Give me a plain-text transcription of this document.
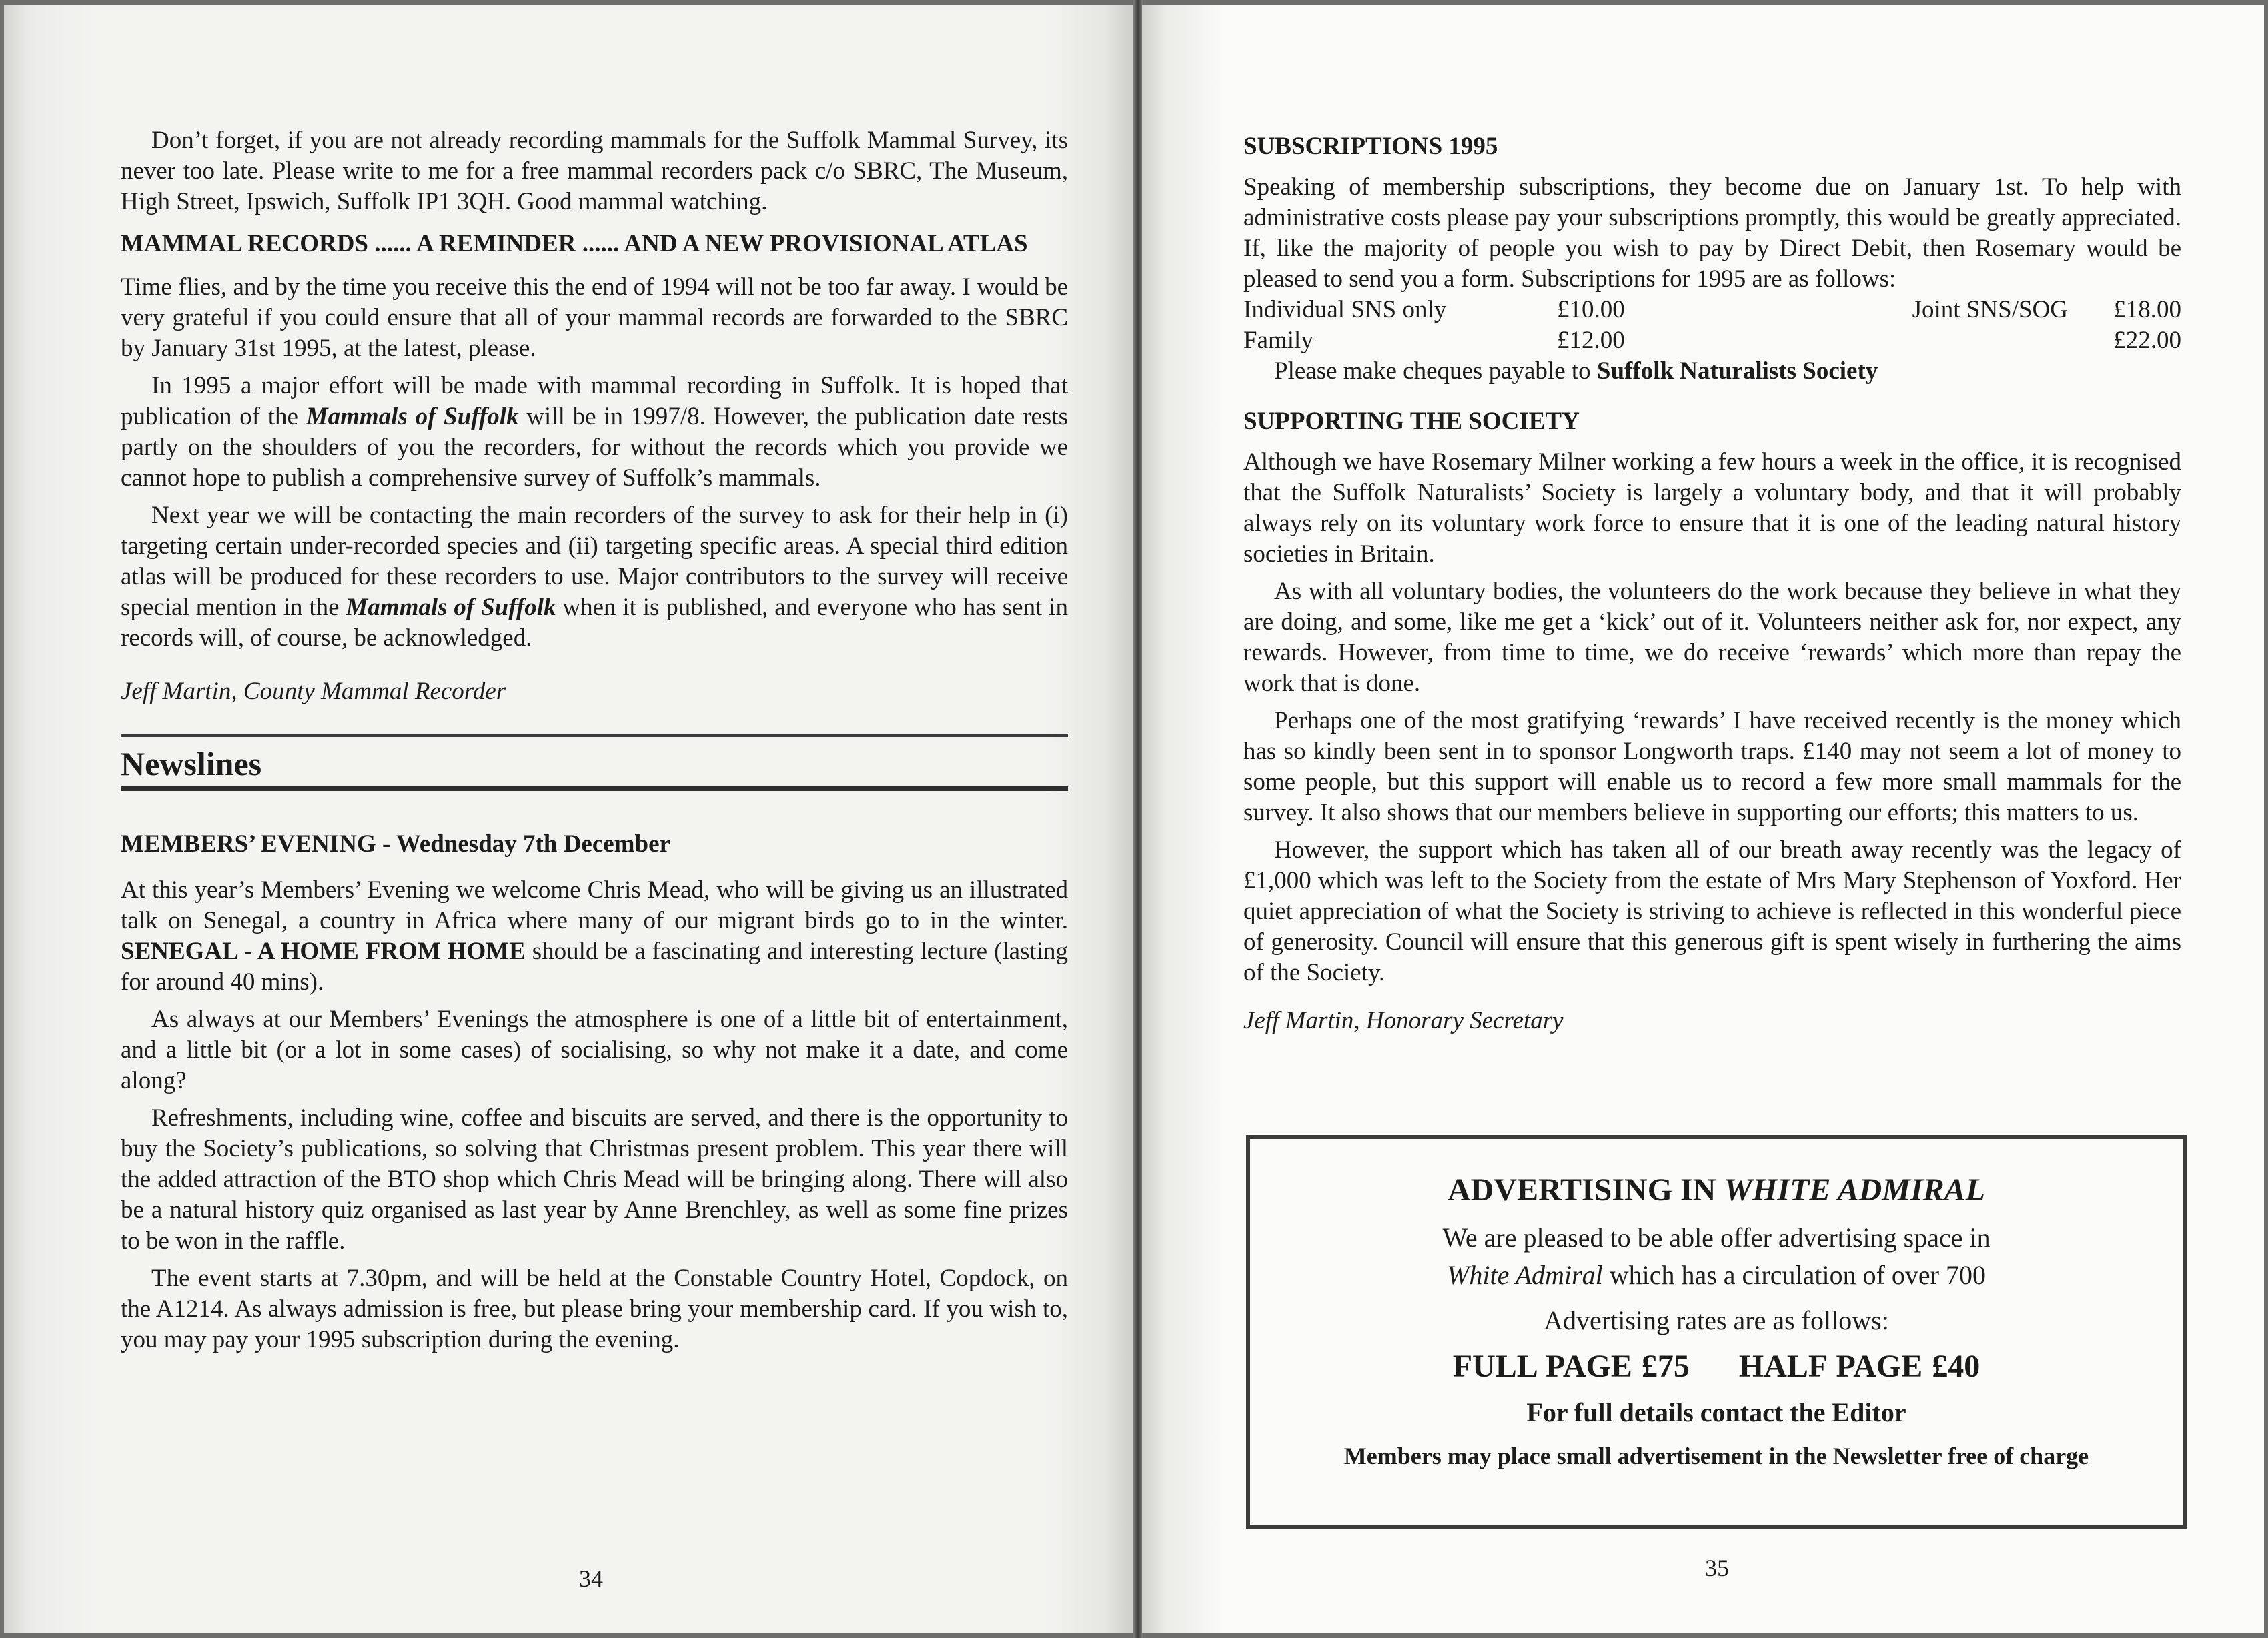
Don’t forget, if you are not already recording mammals for the Suffolk Mammal Survey, its never too late. Please write to me for a free mammal recorders pack c/o SBRC, The Museum, High Street, Ipswich, Suffolk IP1 3QH. Good mammal watching.

MAMMAL RECORDS ...... A REMINDER ...... AND A NEW PROVISIONAL ATLAS

Time flies, and by the time you receive this the end of 1994 will not be too far away. I would be very grateful if you could ensure that all of your mammal records are forwarded to the SBRC by January 31st 1995, at the latest, please.

In 1995 a major effort will be made with mammal recording in Suffolk. It is hoped that publication of the Mammals of Suffolk will be in 1997/8. However, the publication date rests partly on the shoulders of you the recorders, for without the records which you provide we cannot hope to publish a comprehensive survey of Suffolk’s mammals.

Next year we will be contacting the main recorders of the survey to ask for their help in (i) targeting certain under-recorded species and (ii) targeting specific areas. A special third edition atlas will be produced for these recorders to use. Major contributors to the survey will receive special mention in the Mammals of Suffolk when it is published, and everyone who has sent in records will, of course, be acknowledged.

Jeff Martin, County Mammal Recorder

Newslines
MEMBERS’ EVENING - Wednesday 7th December

At this year’s Members’ Evening we welcome Chris Mead, who will be giving us an illustrated talk on Senegal, a country in Africa where many of our migrant birds go to in the winter. SENEGAL - A HOME FROM HOME should be a fascinating and interesting lecture (lasting for around 40 mins).

As always at our Members’ Evenings the atmosphere is one of a little bit of entertainment, and a little bit (or a lot in some cases) of socialising, so why not make it a date, and come along?

Refreshments, including wine, coffee and biscuits are served, and there is the opportunity to buy the Society’s publications, so solving that Christmas present problem. This year there will the added attraction of the BTO shop which Chris Mead will be bringing along. There will also be a natural history quiz organised as last year by Anne Brenchley, as well as some fine prizes to be won in the raffle.

The event starts at 7.30pm, and will be held at the Constable Country Hotel, Copdock, on the A1214. As always admission is free, but please bring your membership card. If you wish to, you may pay your 1995 subscription during the evening.

34
SUBSCRIPTIONS 1995

Speaking of membership subscriptions, they become due on January 1st. To help with administrative costs please pay your subscriptions promptly, this would be greatly appreciated. If, like the majority of people you wish to pay by Direct Debit, then Rosemary would be pleased to send you a form. Subscriptions for 1995 are as follows:

Individual SNS only	£10.00	Joint SNS/SOG	£18.00
Family	£12.00		£22.00

Please make cheques payable to Suffolk Naturalists Society

SUPPORTING THE SOCIETY

Although we have Rosemary Milner working a few hours a week in the office, it is recognised that the Suffolk Naturalists’ Society is largely a voluntary body, and that it will probably always rely on its voluntary work force to ensure that it is one of the leading natural history societies in Britain.

As with all voluntary bodies, the volunteers do the work because they believe in what they are doing, and some, like me get a ‘kick’ out of it. Volunteers neither ask for, nor expect, any rewards. However, from time to time, we do receive ‘rewards’ which more than repay the work that is done.

Perhaps one of the most gratifying ‘rewards’ I have received recently is the money which has so kindly been sent in to sponsor Longworth traps. £140 may not seem a lot of money to some people, but this support will enable us to record a few more small mammals for the survey. It also shows that our members believe in supporting our efforts; this matters to us.

However, the support which has taken all of our breath away recently was the legacy of £1,000 which was left to the Society from the estate of Mrs Mary Stephenson of Yoxford. Her quiet appreciation of what the Society is striving to achieve is reflected in this wonderful piece of generosity. Council will ensure that this generous gift is spent wisely in furthering the aims of the Society.

Jeff Martin, Honorary Secretary

ADVERTISING IN WHITE ADMIRAL
We are pleased to be able offer advertising space in
White Admiral which has a circulation of over 700
Advertising rates are as follows:
FULL PAGE £75 HALF PAGE £40
For full details contact the Editor
Members may place small advertisement in the Newsletter free of charge
35
